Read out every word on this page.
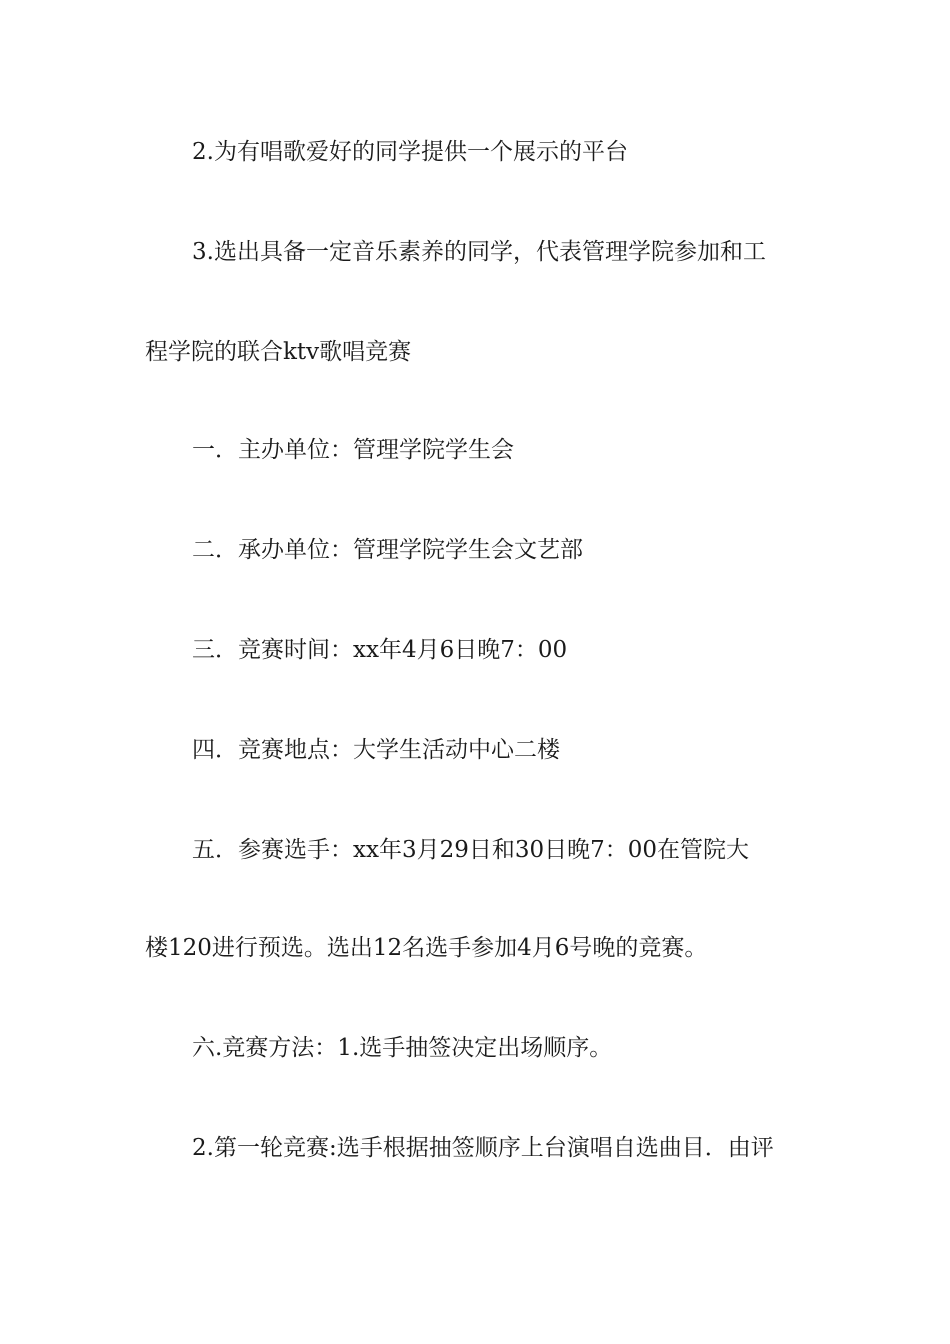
2.为有唱歌爱好的同学提供一个展示的平台
3.选出具备一定音乐素养的同学，代表管理学院参加和工
程学院的联合ktv歌唱竞赛
一．主办单位：管理学院学生会
二．承办单位：管理学院学生会文艺部
三．竞赛时间：xx年4月6日晚7：00
四．竞赛地点：大学生活动中心二楼
五．参赛选手：xx年3月29日和30日晚7：00在管院大
楼120进行预选。选出12名选手参加4月6号晚的竞赛。
六.竞赛方法：1.选手抽签决定出场顺序。
2.第一轮竞赛:选手根据抽签顺序上台演唱自选曲目．由评
